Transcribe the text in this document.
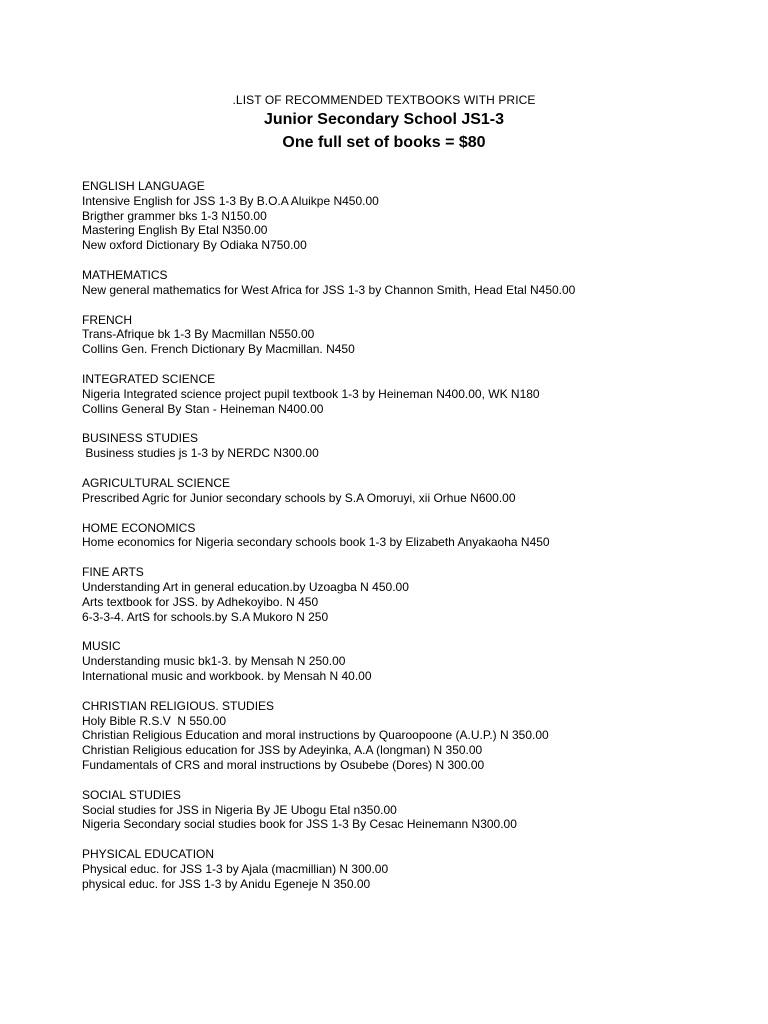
.LIST OF RECOMMENDED TEXTBOOKS WITH PRICE
Junior Secondary School JS1-3
One full set of books = $80
ENGLISH LANGUAGE
Intensive English for JSS 1-3 By B.O.A Aluikpe N450.00
Brigther grammer bks 1-3 N150.00
Mastering English By Etal N350.00
New oxford Dictionary By Odiaka N750.00
MATHEMATICS
New general mathematics for West Africa for JSS 1-3 by Channon Smith, Head Etal N450.00
FRENCH
Trans-Afrique bk 1-3 By Macmillan N550.00
Collins Gen. French Dictionary By Macmillan. N450
INTEGRATED SCIENCE
Nigeria Integrated science project pupil textbook 1-3 by Heineman N400.00, WK N180
Collins General By Stan - Heineman N400.00
BUSINESS STUDIES
Business studies js 1-3 by NERDC N300.00
AGRICULTURAL SCIENCE
Prescribed Agric for Junior secondary schools by S.A Omoruyi, xii Orhue N600.00
HOME ECONOMICS
Home economics for Nigeria secondary schools book 1-3 by Elizabeth Anyakaoha N450
FINE ARTS
Understanding Art in general education.by Uzoagba N 450.00
Arts textbook for JSS. by Adhekoyibo. N 450
6-3-3-4. ArtS for schools.by S.A Mukoro N 250
MUSIC
Understanding music bk1-3. by Mensah N 250.00
International music and workbook. by Mensah N 40.00
CHRISTIAN RELIGIOUS. STUDIES
Holy Bible R.S.V  N 550.00
Christian Religious Education and moral instructions by Quaroopoone (A.U.P.) N 350.00
Christian Religious education for JSS by Adeyinka, A.A (longman) N 350.00
Fundamentals of CRS and moral instructions by Osubebe (Dores) N 300.00
SOCIAL STUDIES
Social studies for JSS in Nigeria By JE Ubogu Etal n350.00
Nigeria Secondary social studies book for JSS 1-3 By Cesac Heinemann N300.00
PHYSICAL EDUCATION
Physical educ. for JSS 1-3 by Ajala (macmillian) N 300.00
physical educ. for JSS 1-3 by Anidu Egeneje N 350.00
